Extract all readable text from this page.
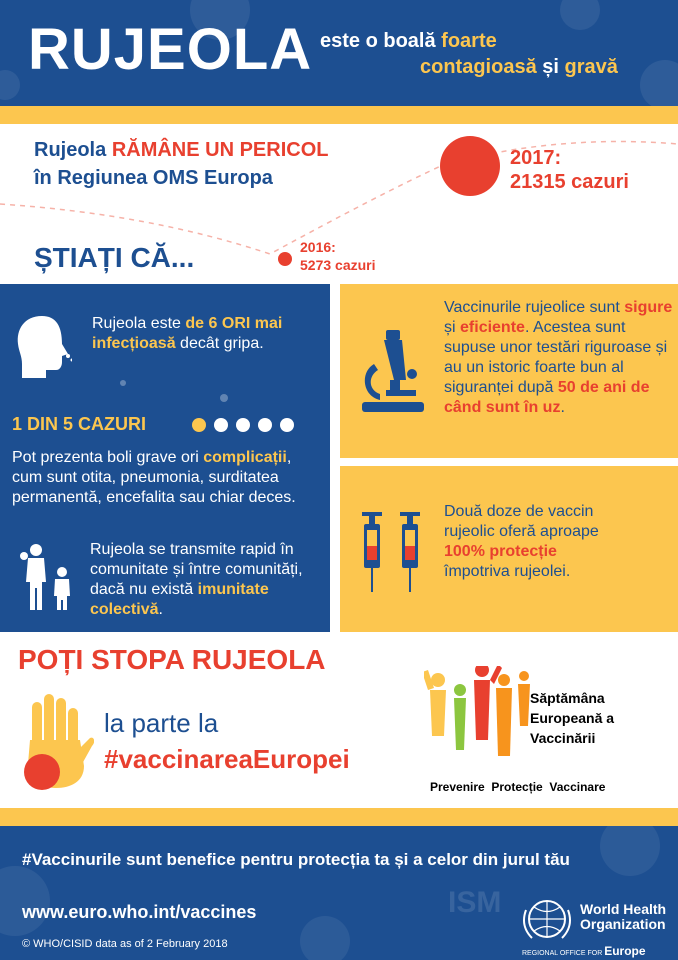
RUJEOLA este o boală foarte
contagioasă și gravă
Rujeola RĂMÂNE UN PERICOL
în Regiunea OMS Europa
2017:
21315 cazuri
ȘTIAȚI CĂ...	2016:
5273 cazuri
Rujeola este de 6 ORI mai infecțioasă decât gripa.
1 DIN 5 CAZURI
Pot prezenta boli grave ori complicații, cum sunt otita, pneumonia, surditatea permanentă, encefalita sau chiar deces.
Rujeola se transmite rapid în comunitate și între comunități, dacă nu există imunitate colectivă.
Vaccinurile rujeolice sunt sigure și eficiente. Acestea sunt supuse unor testări riguroase și au un istoric foarte bun al siguranței după 50 de ani de când sunt în uz.
Două doze de vaccin rujeolic oferă aproape 100% protecție împotriva rujeolei.
POȚI STOPA RUJEOLA
la parte la
#vaccinareaEuropei
Săptămâna
Europeană a
Vaccinării
Prevenire  Protecție  Vaccinare
#Vaccinurile sunt benefice pentru protecția ta și a celor din jurul tău
www.euro.who.int/vaccines
© WHO/CISID data as of 2 February 2018
ISM	World Health
Organization
REGIONAL OFFICE FOR Europe
